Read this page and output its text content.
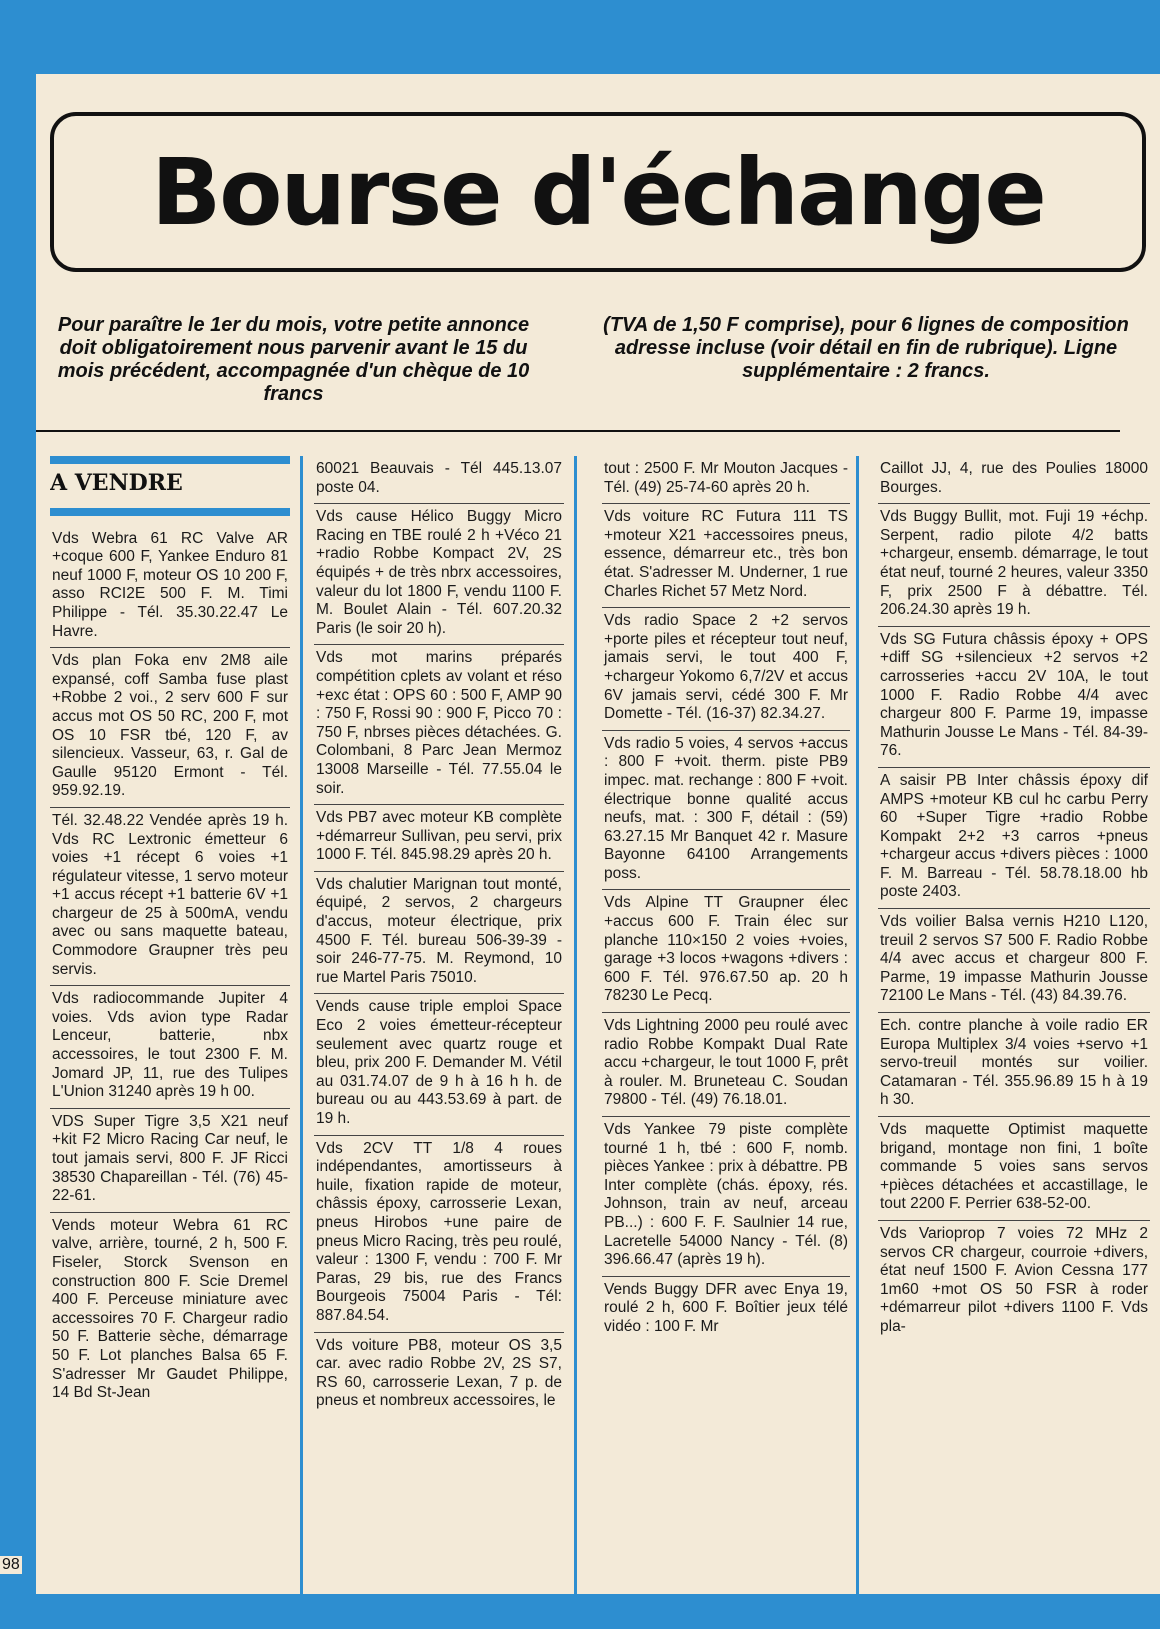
Bourse d'échange

Pour paraître le 1er du mois, votre petite annonce doit obligatoirement nous parvenir avant le 15 du mois précédent, accompagnée d'un chèque de 10 francs

(TVA de 1,50 F comprise), pour 6 lignes de composition adresse incluse (voir détail en fin de rubrique). Ligne supplémentaire : 2 francs.

A VENDRE
Vds Webra 61 RC Valve AR +coque 600 F, Yankee Enduro 81 neuf 1000 F, moteur OS 10 200 F, asso RCI2E 500 F. M. Timi Philippe - Tél. 35.30.22.47 Le Havre.
Vds plan Foka env 2M8 aile expansé, coff Samba fuse plast +Robbe 2 voi., 2 serv 600 F sur accus mot OS 50 RC, 200 F, mot OS 10 FSR tbé, 120 F, av silencieux. Vasseur, 63, r. Gal de Gaulle 95120 Ermont - Tél. 959.92.19.
Tél. 32.48.22 Vendée après 19 h. Vds RC Lextronic émetteur 6 voies +1 récept 6 voies +1 régulateur vitesse, 1 servo moteur +1 accus récept +1 batterie 6V +1 chargeur de 25 à 500mA, vendu avec ou sans maquette bateau, Commodore Graupner très peu servis.
Vds radiocommande Jupiter 4 voies. Vds avion type Radar Lenceur, batterie, nbx accessoires, le tout 2300 F. M. Jomard JP, 11, rue des Tulipes L'Union 31240 après 19 h 00.
VDS Super Tigre 3,5 X21 neuf +kit F2 Micro Racing Car neuf, le tout jamais servi, 800 F. JF Ricci 38530 Chapareillan - Tél. (76) 45-22-61.
Vends moteur Webra 61 RC valve, arrière, tourné, 2 h, 500 F. Fiseler, Storck Svenson en construction 800 F. Scie Dremel 400 F. Perceuse miniature avec accessoires 70 F. Chargeur radio 50 F. Batterie sèche, démarrage 50 F. Lot planches Balsa 65 F. S'adresser Mr Gaudet Philippe, 14 Bd St-Jean
60021 Beauvais - Tél 445.13.07 poste 04.
Vds cause Hélico Buggy Micro Racing en TBE roulé 2 h +Véco 21 +radio Robbe Kompact 2V, 2S équipés + de très nbrx accessoires, valeur du lot 1800 F, vendu 1100 F. M. Boulet Alain - Tél. 607.20.32 Paris (le soir 20 h).
Vds mot marins préparés compétition cplets av volant et réso +exc état : OPS 60 : 500 F, AMP 90 : 750 F, Rossi 90 : 900 F, Picco 70 : 750 F, nbrses pièces détachées. G. Colombani, 8 Parc Jean Mermoz 13008 Marseille - Tél. 77.55.04 le soir.
Vds PB7 avec moteur KB complète +démarreur Sullivan, peu servi, prix 1000 F. Tél. 845.98.29 après 20 h.
Vds chalutier Marignan tout monté, équipé, 2 servos, 2 chargeurs d'accus, moteur électrique, prix 4500 F. Tél. bureau 506-39-39 - soir 246-77-75. M. Reymond, 10 rue Martel Paris 75010.
Vends cause triple emploi Space Eco 2 voies émetteur-récepteur seulement avec quartz rouge et bleu, prix 200 F. Demander M. Vétil au 031.74.07 de 9 h à 16 h h. de bureau ou au 443.53.69 à part. de 19 h.
Vds 2CV TT 1/8 4 roues indépendantes, amortisseurs à huile, fixation rapide de moteur, châssis époxy, carrosserie Lexan, pneus Hirobos +une paire de pneus Micro Racing, très peu roulé, valeur : 1300 F, vendu : 700 F. Mr Paras, 29 bis, rue des Francs Bourgeois 75004 Paris - Tél: 887.84.54.
Vds voiture PB8, moteur OS 3,5 car. avec radio Robbe 2V, 2S S7, RS 60, carrosserie Lexan, 7 p. de pneus et nombreux accessoires, le
tout : 2500 F. Mr Mouton Jacques - Tél. (49) 25-74-60 après 20 h.
Vds voiture RC Futura 111 TS +moteur X21 +accessoires pneus, essence, démarreur etc., très bon état. S'adresser M. Underner, 1 rue Charles Richet 57 Metz Nord.
Vds radio Space 2 +2 servos +porte piles et récepteur tout neuf, jamais servi, le tout 400 F, +chargeur Yokomo 6,7/2V et accus 6V jamais servi, cédé 300 F. Mr Domette - Tél. (16-37) 82.34.27.
Vds radio 5 voies, 4 servos +accus : 800 F +voit. therm. piste PB9 impec. mat. rechange : 800 F +voit. électrique bonne qualité accus neufs, mat. : 300 F, détail : (59) 63.27.15 Mr Banquet 42 r. Masure Bayonne 64100 Arrangements poss.
Vds Alpine TT Graupner élec +accus 600 F. Train élec sur planche 110×150 2 voies +voies, garage +3 locos +wagons +divers : 600 F. Tél. 976.67.50 ap. 20 h 78230 Le Pecq.
Vds Lightning 2000 peu roulé avec radio Robbe Kompakt Dual Rate accu +chargeur, le tout 1000 F, prêt à rouler. M. Bruneteau C. Soudan 79800 - Tél. (49) 76.18.01.
Vds Yankee 79 piste complète tourné 1 h, tbé : 600 F, nomb. pièces Yankee : prix à débattre. PB Inter complète (chás. époxy, rés. Johnson, train av neuf, arceau PB...) : 600 F. F. Saulnier 14 rue, Lacretelle 54000 Nancy - Tél. (8) 396.66.47 (après 19 h).
Vends Buggy DFR avec Enya 19, roulé 2 h, 600 F. Boîtier jeux télé vidéo : 100 F. Mr
Caillot JJ, 4, rue des Poulies 18000 Bourges.
Vds Buggy Bullit, mot. Fuji 19 +échp. Serpent, radio pilote 4/2 batts +chargeur, ensemb. démarrage, le tout état neuf, tourné 2 heures, valeur 3350 F, prix 2500 F à débattre. Tél. 206.24.30 après 19 h.
Vds SG Futura châssis époxy + OPS +diff SG +silencieux +2 servos +2 carrosseries +accu 2V 10A, le tout 1000 F. Radio Robbe 4/4 avec chargeur 800 F. Parme 19, impasse Mathurin Jousse Le Mans - Tél. 84-39-76.
A saisir PB Inter châssis époxy dif AMPS +moteur KB cul hc carbu Perry 60 +Super Tigre +radio Robbe Kompakt 2+2 +3 carros +pneus +chargeur accus +divers pièces : 1000 F. M. Barreau - Tél. 58.78.18.00 hb poste 2403.
Vds voilier Balsa vernis H210 L120, treuil 2 servos S7 500 F. Radio Robbe 4/4 avec accus et chargeur 800 F. Parme, 19 impasse Mathurin Jousse 72100 Le Mans - Tél. (43) 84.39.76.
Ech. contre planche à voile radio ER Europa Multiplex 3/4 voies +servo +1 servo-treuil montés sur voilier. Catamaran - Tél. 355.96.89 15 h à 19 h 30.
Vds maquette Optimist maquette brigand, montage non fini, 1 boîte commande 5 voies sans servos +pièces détachées et accastillage, le tout 2200 F. Perrier 638-52-00.
Vds Varioprop 7 voies 72 MHz 2 servos CR chargeur, courroie +divers, état neuf 1500 F. Avion Cessna 177 1m60 +mot OS 50 FSR à roder +démarreur pilot +divers 1100 F. Vds pla-
98
